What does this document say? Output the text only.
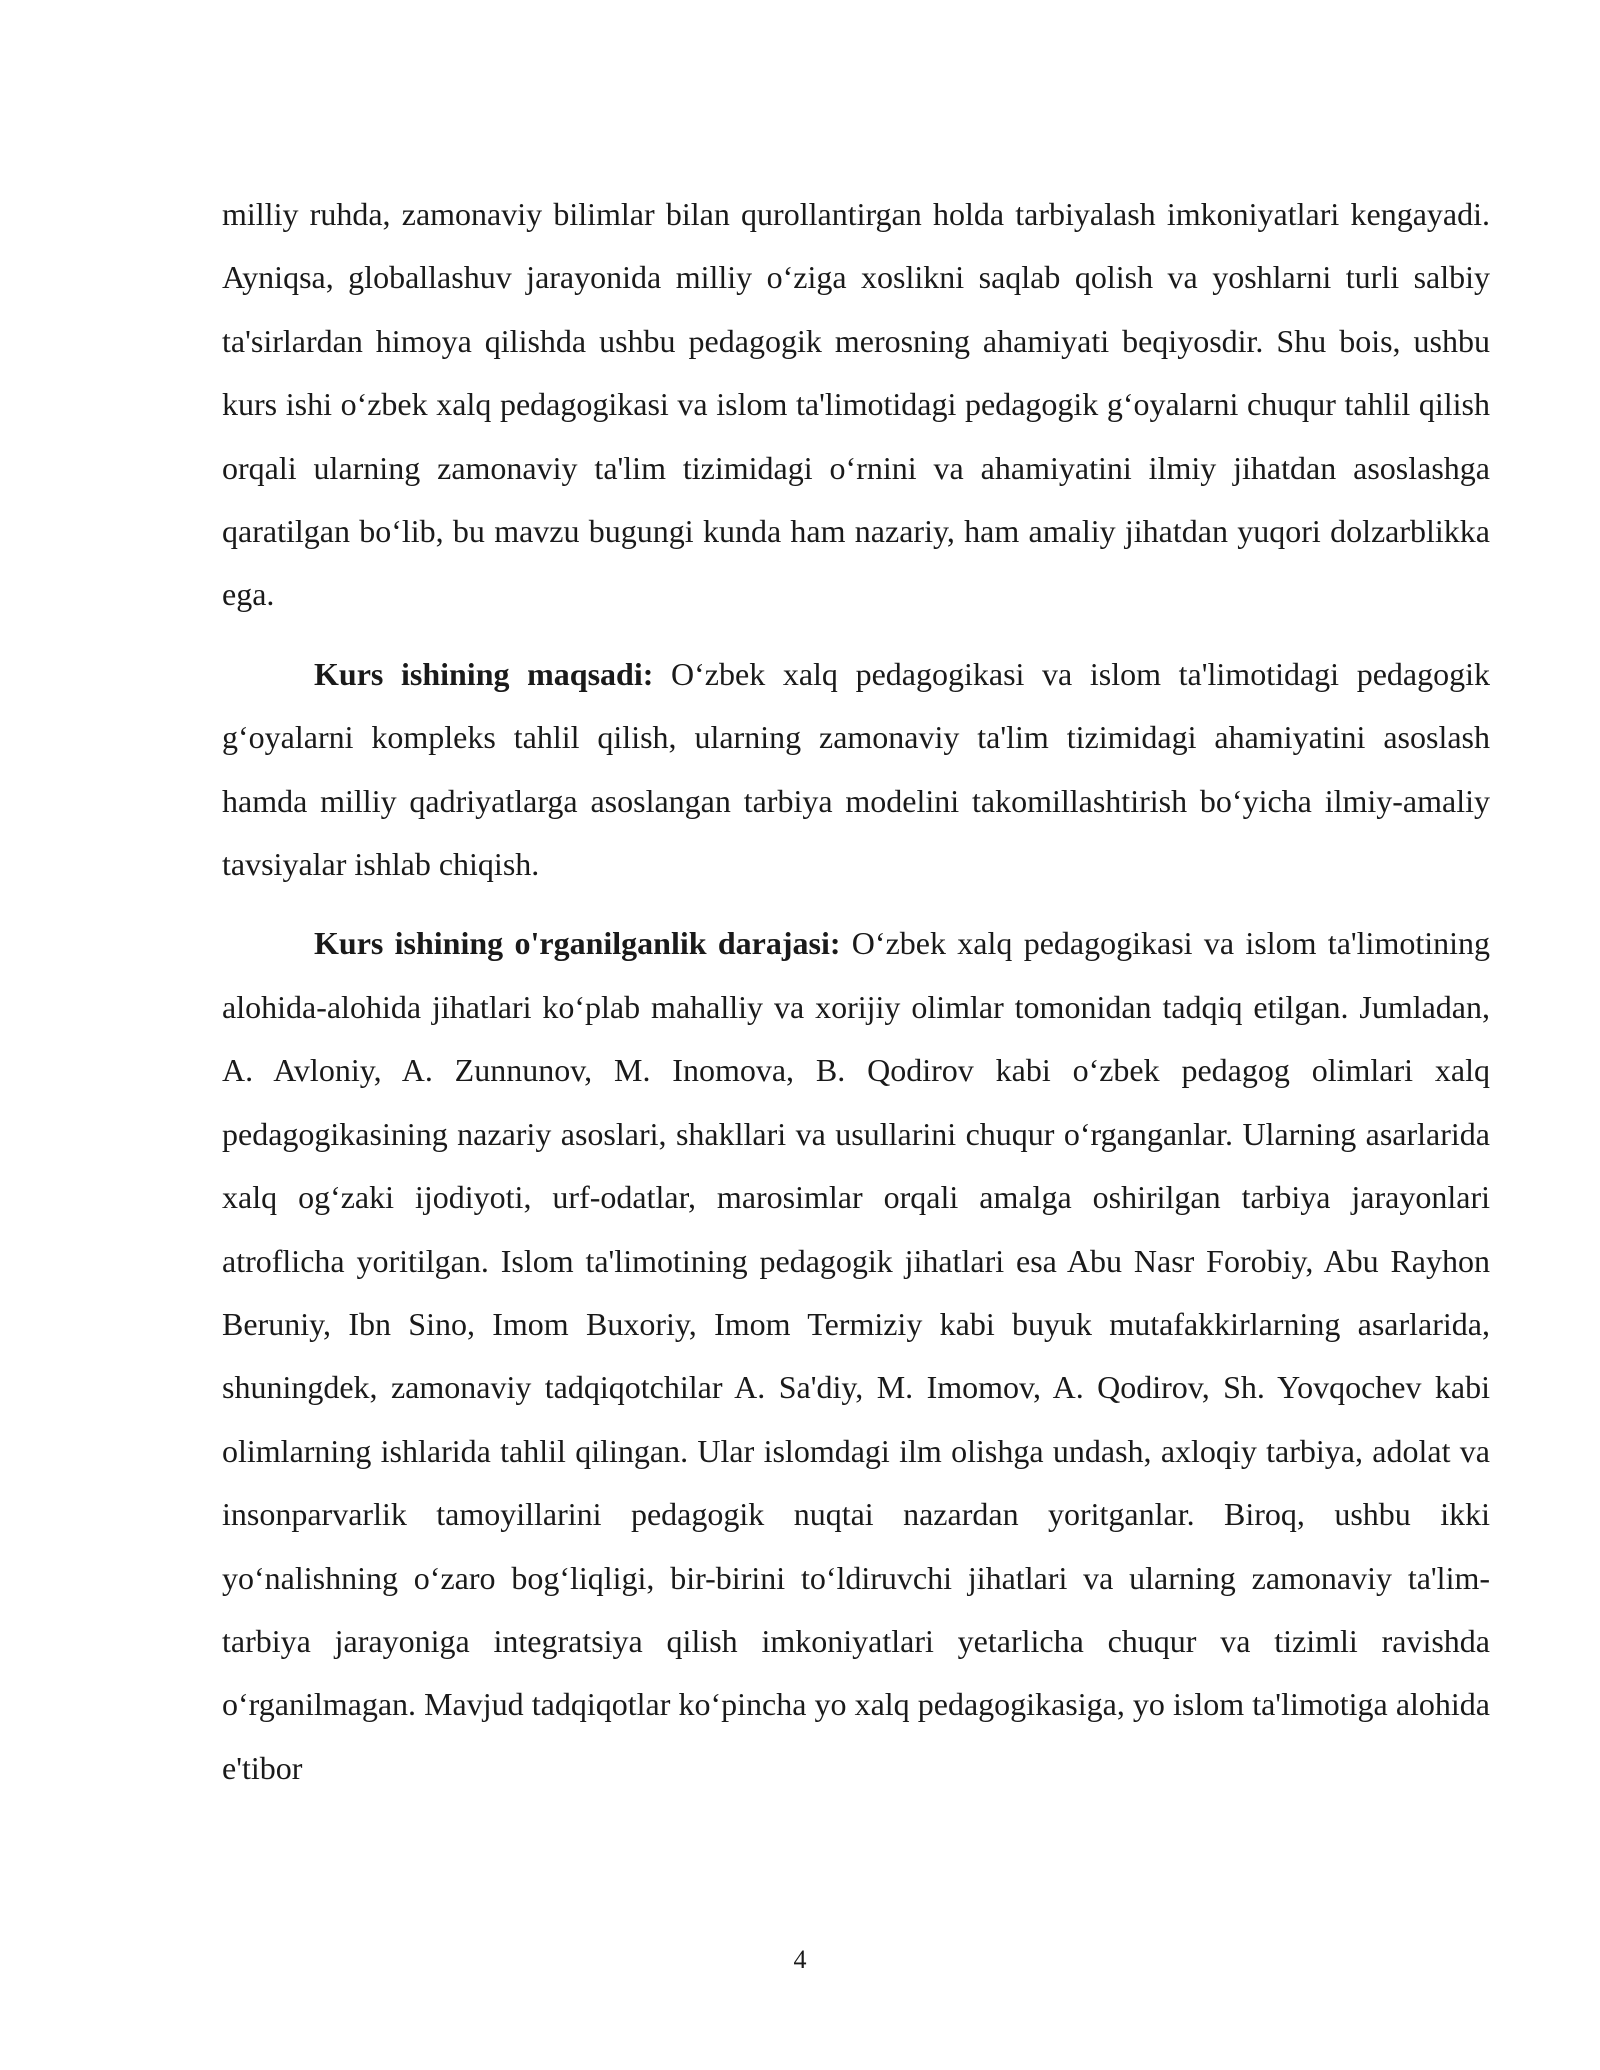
milliy ruhda, zamonaviy bilimlar bilan qurollantirgan holda tarbiyalash imkoniyatlari kengayadi. Ayniqsa, globallashuv jarayonida milliy o‘ziga xoslikni saqlab qolish va yoshlarni turli salbiy ta'sirlardan himoya qilishda ushbu pedagogik merosning ahamiyati beqiyosdir. Shu bois, ushbu kurs ishi o‘zbek xalq pedagogikasi va islom ta'limotidagi pedagogik g‘oyalarni chuqur tahlil qilish orqali ularning zamonaviy ta'lim tizimidagi o‘rnini va ahamiyatini ilmiy jihatdan asoslashga qaratilgan bo‘lib, bu mavzu bugungi kunda ham nazariy, ham amaliy jihatdan yuqori dolzarblikka ega.

Kurs ishining maqsadi: O‘zbek xalq pedagogikasi va islom ta'limotidagi pedagogik g‘oyalarni kompleks tahlil qilish, ularning zamonaviy ta'lim tizimidagi ahamiyatini asoslash hamda milliy qadriyatlarga asoslangan tarbiya modelini takomillashtirish bo‘yicha ilmiy-amaliy tavsiyalar ishlab chiqish.

Kurs ishining o'rganilganlik darajasi: O‘zbek xalq pedagogikasi va islom ta'limotining alohida-alohida jihatlari ko‘plab mahalliy va xorijiy olimlar tomonidan tadqiq etilgan. Jumladan, A. Avloniy, A. Zunnunov, M. Inomova, B. Qodirov kabi o‘zbek pedagog olimlari xalq pedagogikasining nazariy asoslari, shakllari va usullarini chuqur o‘rganganlar. Ularning asarlarida xalq og‘zaki ijodiyoti, urf-odatlar, marosimlar orqali amalga oshirilgan tarbiya jarayonlari atroflicha yoritilgan. Islom ta'limotining pedagogik jihatlari esa Abu Nasr Forobiy, Abu Rayhon Beruniy, Ibn Sino, Imom Buxoriy, Imom Termiziy kabi buyuk mutafakkirlarning asarlarida, shuningdek, zamonaviy tadqiqotchilar A. Sa'diy, M. Imomov, A. Qodirov, Sh. Yovqochev kabi olimlarning ishlarida tahlil qilingan. Ular islomdagi ilm olishga undash, axloqiy tarbiya, adolat va insonparvarlik tamoyillarini pedagogik nuqtai nazardan yoritganlar. Biroq, ushbu ikki yo‘nalishning o‘zaro bog‘liqligi, bir-birini to‘ldiruvchi jihatlari va ularning zamonaviy ta'lim-tarbiya jarayoniga integratsiya qilish imkoniyatlari yetarlicha chuqur va tizimli ravishda o‘rganilmagan. Mavjud tadqiqotlar ko‘pincha yo xalq pedagogikasiga, yo islom ta'limotiga alohida e'tibor

4
